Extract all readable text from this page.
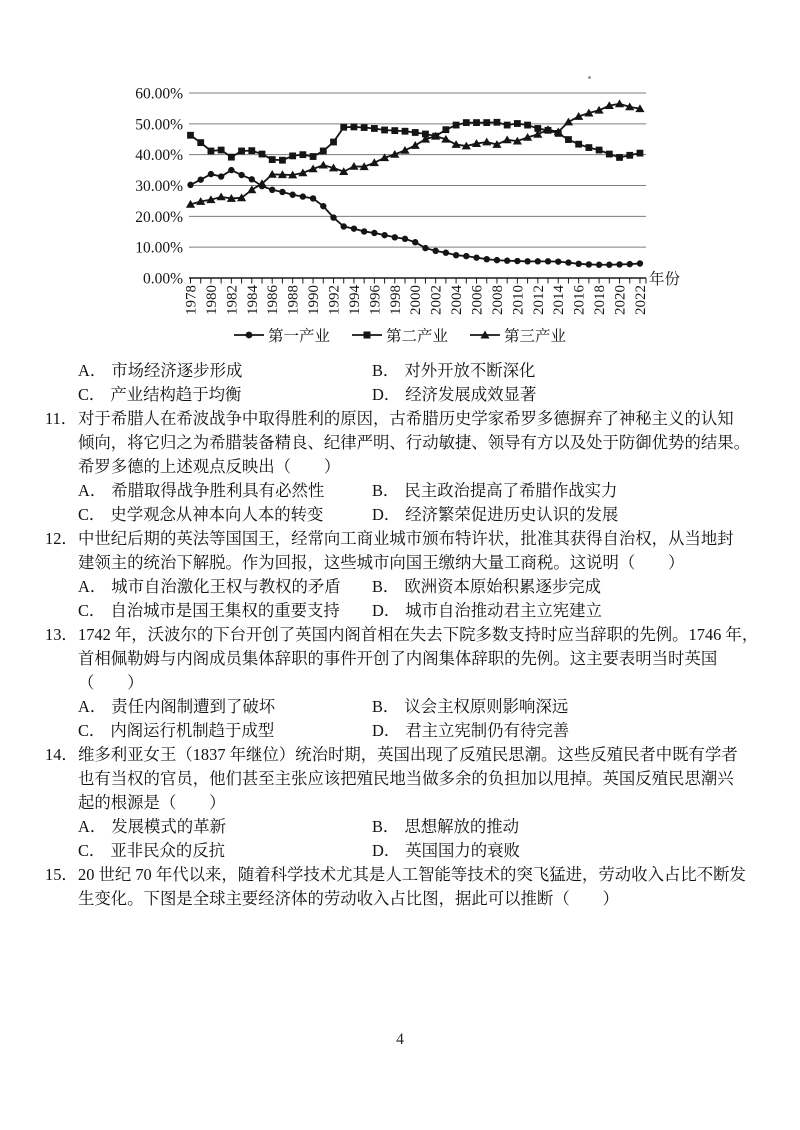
0.00%
10.00%
20.00%
30.00%
40.00%
50.00%
60.00%
1978 1980 1982 1984 1986 1988 1990 1992 1994 1996 1998 2000 2002 2004 2006 2008 2010 2012 2014 2016 2018 2020 2022
年份
第一产业	第二产业	第三产业
A． 市场经济逐步形成	B． 对外开放不断深化
C． 产业结构趋于均衡	D． 经济发展成效显著
11． 对于希腊人在希波战争中取得胜利的原因，古希腊历史学家希罗多德摒弃了神秘主义的认知
倾向，将它归之为希腊装备精良、纪律严明、行动敏捷、领导有方以及处于防御优势的结果。
希罗多德的上述观点反映出（　　）
A． 希腊取得战争胜利具有必然性	B． 民主政治提高了希腊作战实力
C． 史学观念从神本向人本的转变	D． 经济繁荣促进历史认识的发展
12． 中世纪后期的英法等国国王，经常向工商业城市颁布特许状，批准其获得自治权，从当地封
建领主的统治下解脱。作为回报，这些城市向国王缴纳大量工商税。这说明（　　）
A． 城市自治激化王权与教权的矛盾	B． 欧洲资本原始积累逐步完成
C． 自治城市是国王集权的重要支持	D． 城市自治推动君主立宪建立
13． 1742 年，沃波尔的下台开创了英国内阁首相在失去下院多数支持时应当辞职的先例。1746 年，
首相佩勒姆与内阁成员集体辞职的事件开创了内阁集体辞职的先例。这主要表明当时英国
（　　）
A． 责任内阁制遭到了破坏	B． 议会主权原则影响深远
C． 内阁运行机制趋于成型	D． 君主立宪制仍有待完善
14． 维多利亚女王（1837 年继位）统治时期，英国出现了反殖民思潮。这些反殖民者中既有学者
也有当权的官员，他们甚至主张应该把殖民地当做多余的负担加以甩掉。英国反殖民思潮兴
起的根源是（　　）
A． 发展模式的革新	B． 思想解放的推动
C． 亚非民众的反抗	D． 英国国力的衰败
15． 20 世纪 70 年代以来，随着科学技术尤其是人工智能等技术的突飞猛进，劳动收入占比不断发
生变化。下图是全球主要经济体的劳动收入占比图，据此可以推断（　　）
4
